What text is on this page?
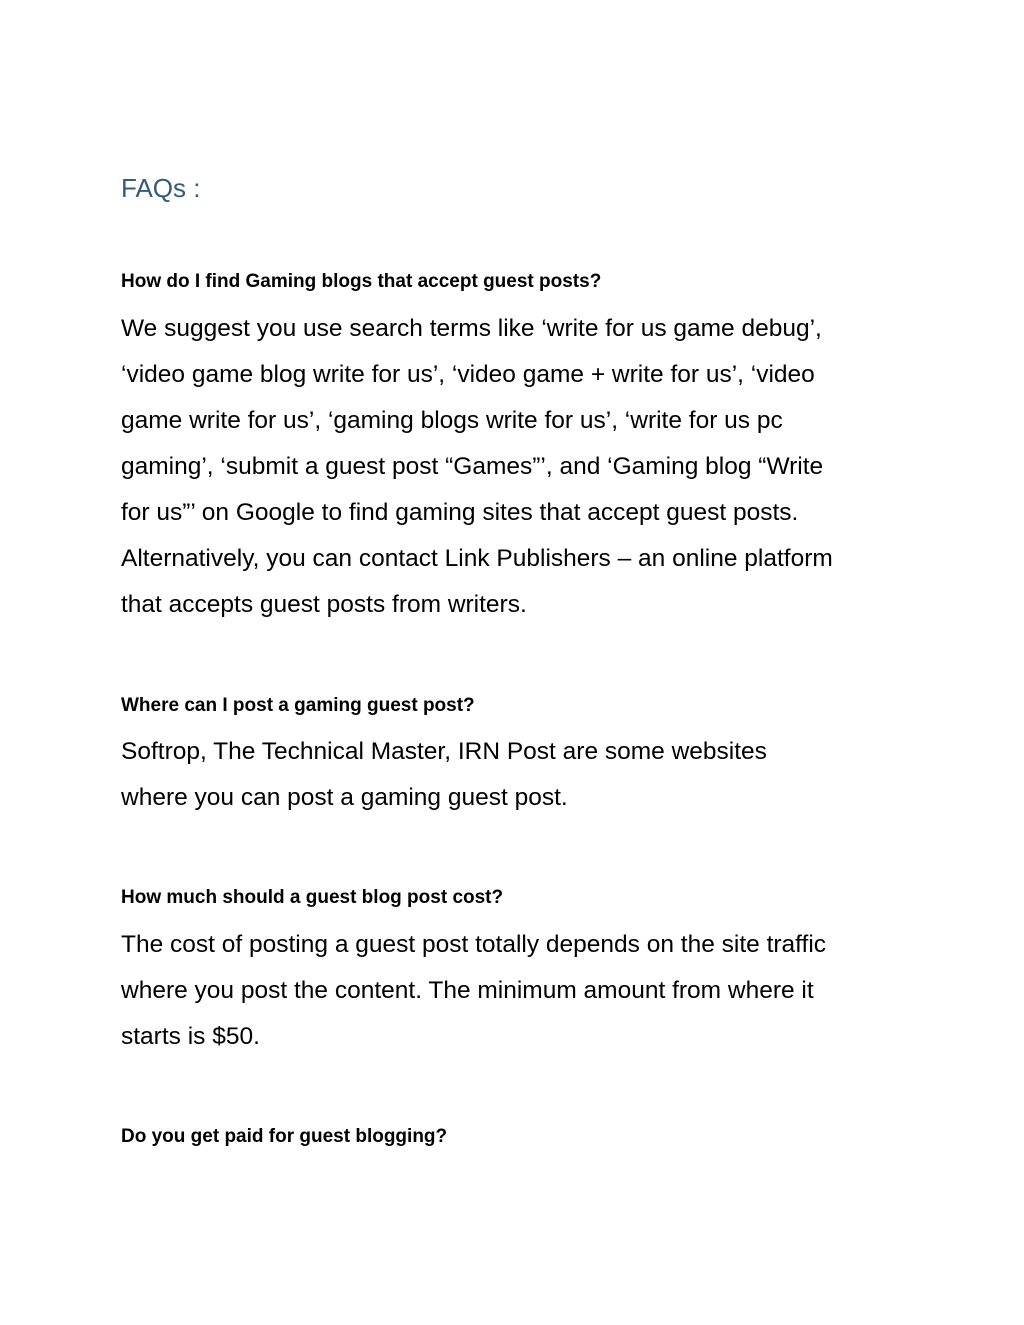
FAQs :
How do I find Gaming blogs that accept guest posts?
We suggest you use search terms like ‘write for us game debug’,
‘video game blog write for us’, ‘video game + write for us’, ‘video
game write for us’, ‘gaming blogs write for us’, ‘write for us pc
gaming’, ‘submit a guest post “Games”’, and ‘Gaming blog “Write
for us”’ on Google to find gaming sites that accept guest posts.
Alternatively, you can contact Link Publishers – an online platform
that accepts guest posts from writers.
Where can I post a gaming guest post?
Softrop, The Technical Master, IRN Post are some websites
where you can post a gaming guest post.
How much should a guest blog post cost?
The cost of posting a guest post totally depends on the site traffic
where you post the content. The minimum amount from where it
starts is $50.
Do you get paid for guest blogging?
